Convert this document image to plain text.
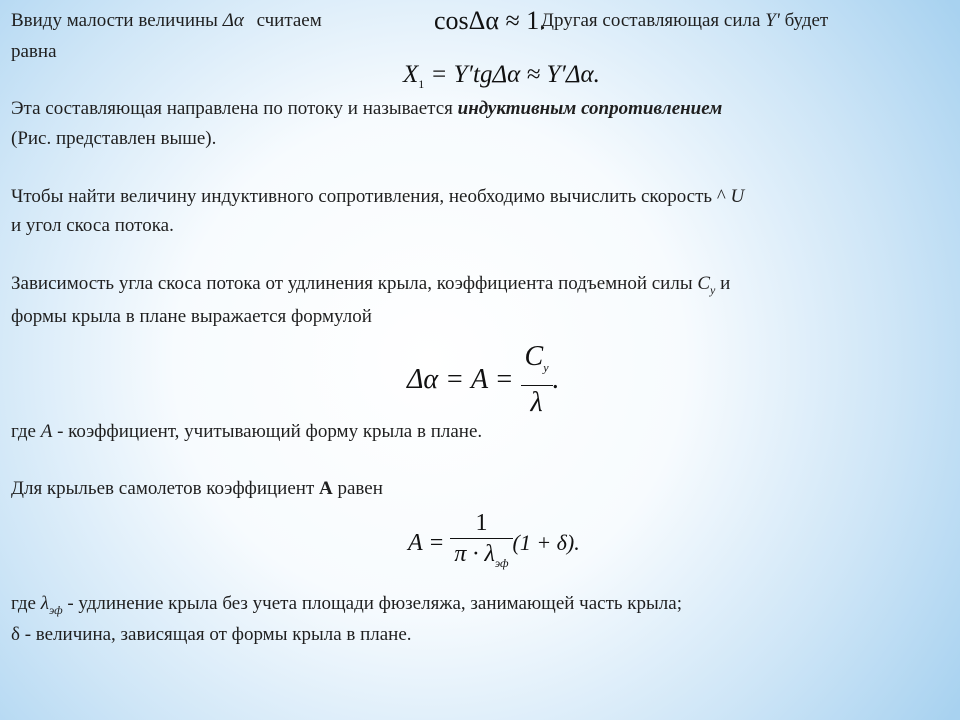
Ввиду малости величины Δα считаем	cosΔα ≈ 1.
Другая составляющая сила Y' будет
равна
$X_1 = Y'tg\Delta\alpha \approx Y'\Delta\alpha$.
Эта составляющая направлена по потоку и называется индуктивным сопротивлением
(Рис. представлен выше).
Чтобы найти величину индуктивного сопротивления, необходимо вычислить скорость ^ U
и угол скоса потока.
Зависимость угла скоса потока от удлинения крыла, коэффициента подъемной силы $C_y$ и
формы крыла в плане выражается формулой
$\Delta\alpha = A = \frac{C_y}{\lambda}$ .
где A - коэффициент, учитывающий форму крыла в плане.
Для крыльев самолетов коэффициент A равен
$A = \frac{1}{\pi \cdot \lambda_{эф}} (1 + \delta)$.
где $\lambda_{эф}$ - удлинение крыла без учета площади фюзеляжа, занимающей часть крыла;
δ - величина, зависящая от формы крыла в плане.
